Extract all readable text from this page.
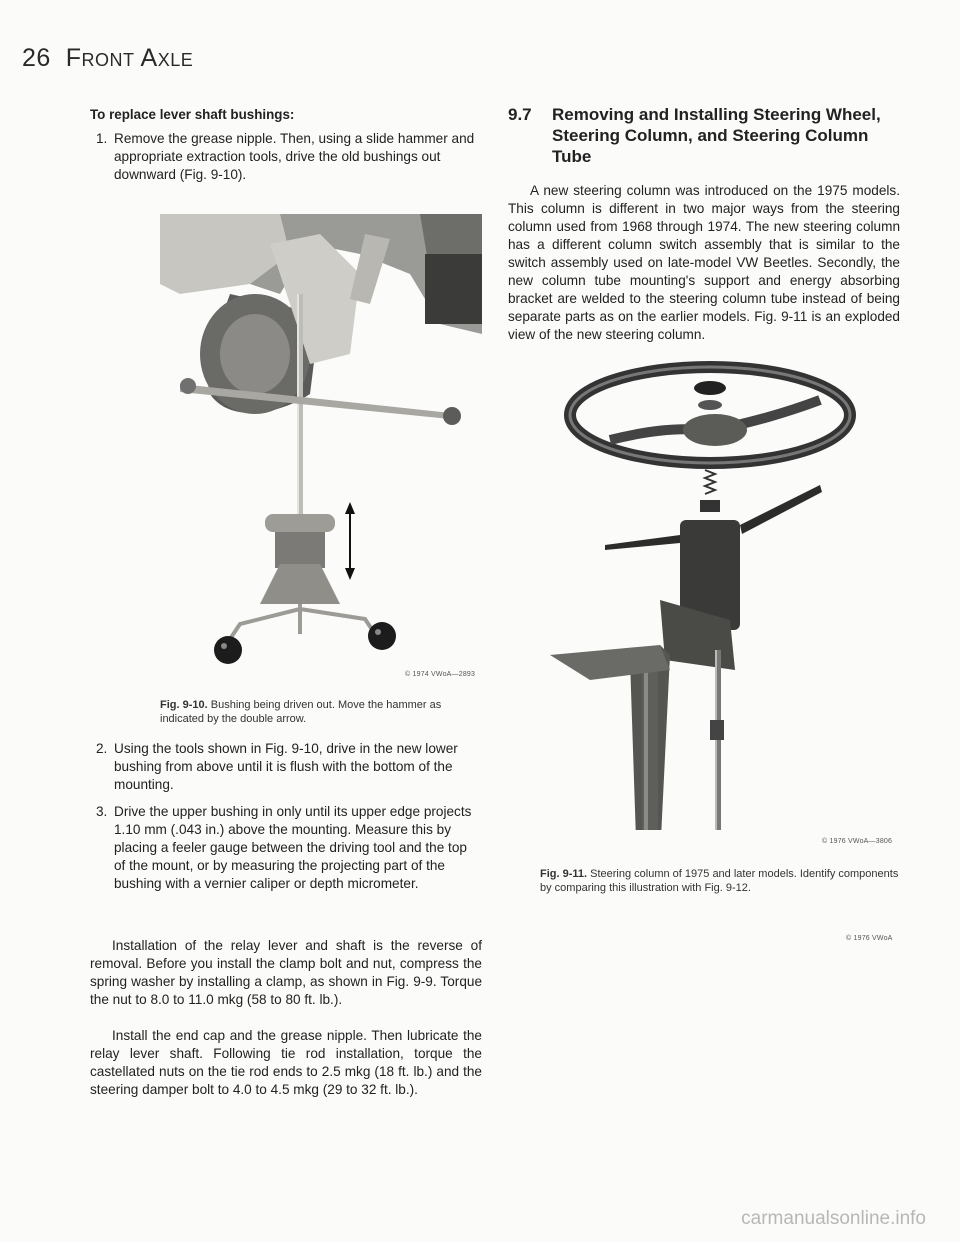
26 Front Axle
To replace lever shaft bushings:
1. Remove the grease nipple. Then, using a slide hammer and appropriate extraction tools, drive the old bushings out downward (Fig. 9-10).
© 1974 VWoA—2893
Fig. 9-10. Bushing being driven out. Move the hammer as indicated by the double arrow.
2. Using the tools shown in Fig. 9-10, drive in the new lower bushing from above until it is flush with the bottom of the mounting.
3. Drive the upper bushing in only until its upper edge projects 1.10 mm (.043 in.) above the mounting. Measure this by placing a feeler gauge between the driving tool and the top of the mount, or by measuring the projecting part of the bushing with a vernier caliper or depth micrometer.
Installation of the relay lever and shaft is the reverse of removal. Before you install the clamp bolt and nut, compress the spring washer by installing a clamp, as shown in Fig. 9-9. Torque the nut to 8.0 to 11.0 mkg (58 to 80 ft. lb.).
Install the end cap and the grease nipple. Then lubricate the relay lever shaft. Following tie rod installation, torque the castellated nuts on the tie rod ends to 2.5 mkg (18 ft. lb.) and the steering damper bolt to 4.0 to 4.5 mkg (29 to 32 ft. lb.).
9.7 Removing and Installing Steering Wheel, Steering Column, and Steering Column Tube
A new steering column was introduced on the 1975 models. This column is different in two major ways from the steering column used from 1968 through 1974. The new steering column has a different column switch assembly that is similar to the switch assembly used on late-model VW Beetles. Secondly, the new column tube mounting's support and energy absorbing bracket are welded to the steering column tube instead of being separate parts as on the earlier models. Fig. 9-11 is an exploded view of the new steering column.
© 1976 VWoA—3806
Fig. 9-11. Steering column of 1975 and later models. Identify components by comparing this illustration with Fig. 9-12.
© 1976 VWoA
carmanualsonline.info
